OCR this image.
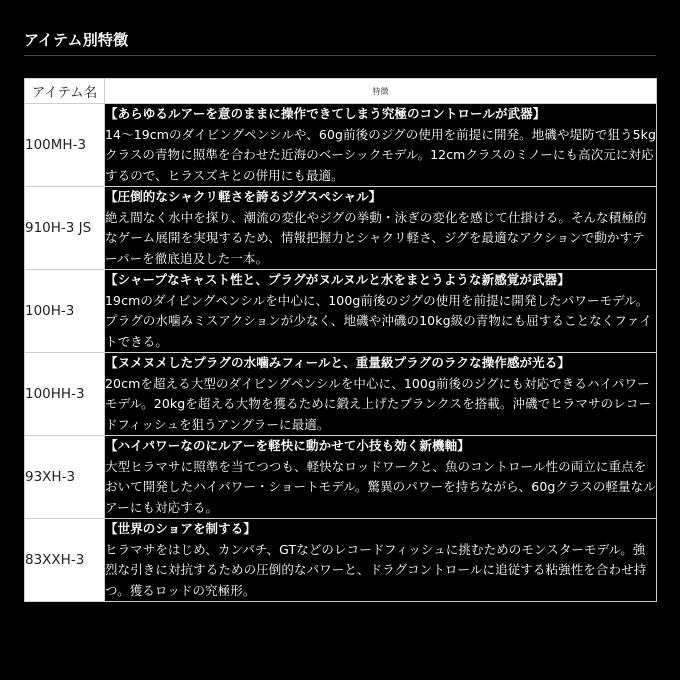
アイテム別特徴
アイテム名	特徴
100MH-3	【あらゆるルアーを意のままに操作できてしまう究極のコントロールが武器】
14～19cmのダイビングペンシルや、60g前後のジグの使用を前提に開発。地磯や堤防で狙う5kgクラスの青物に照準を合わせた近海のベーシックモデル。12cmクラスのミノーにも高次元に対応するので、ヒラスズキとの併用にも最適。

910H-3 JS	【圧倒的なシャクリ軽さを誇るジグスペシャル】
絶え間なく水中を探り、潮流の変化やジグの挙動・泳ぎの変化を感じて仕掛ける。そんな積極的なゲーム展開を実現するため、情報把握力とシャクリ軽さ、ジグを最適なアクションで動かすテーパーを徹底追及した一本。

100H-3	【シャープなキャスト性と、プラグがヌルヌルと水をまとうような新感覚が武器】
19cmのダイビングペンシルを中心に、100g前後のジグの使用を前提に開発したパワーモデル。プラグの水噛みミスアクションが少なく、地磯や沖磯の10kg級の青物にも屈することなくファイトできる。

100HH-3	【ヌメヌメしたプラグの水噛みフィールと、重量級プラグのラクな操作感が光る】
20cmを超える大型のダイビングペンシルを中心に、100g前後のジグにも対応できるハイパワーモデル。20kgを超える大物を獲るために鍛え上げたブランクスを搭載。沖磯でヒラマサのレコードフィッシュを狙うアングラーに最適。

93XH-3	【ハイパワーなのにルアーを軽快に動かせて小技も効く新機軸】
大型ヒラマサに照準を当てつつも、軽快なロッドワークと、魚のコントロール性の両立に重点をおいて開発したハイパワー・ショートモデル。驚異のパワーを持ちながら、60gクラスの軽量なルアーにも対応する。

83XXH-3	【世界のショアを制する】
ヒラマサをはじめ、カンパチ、GTなどのレコードフィッシュに挑むためのモンスターモデル。強烈な引きに対抗するための圧倒的なパワーと、ドラグコントロールに追従する粘強性を合わせ持つ。獲るロッドの究極形。
